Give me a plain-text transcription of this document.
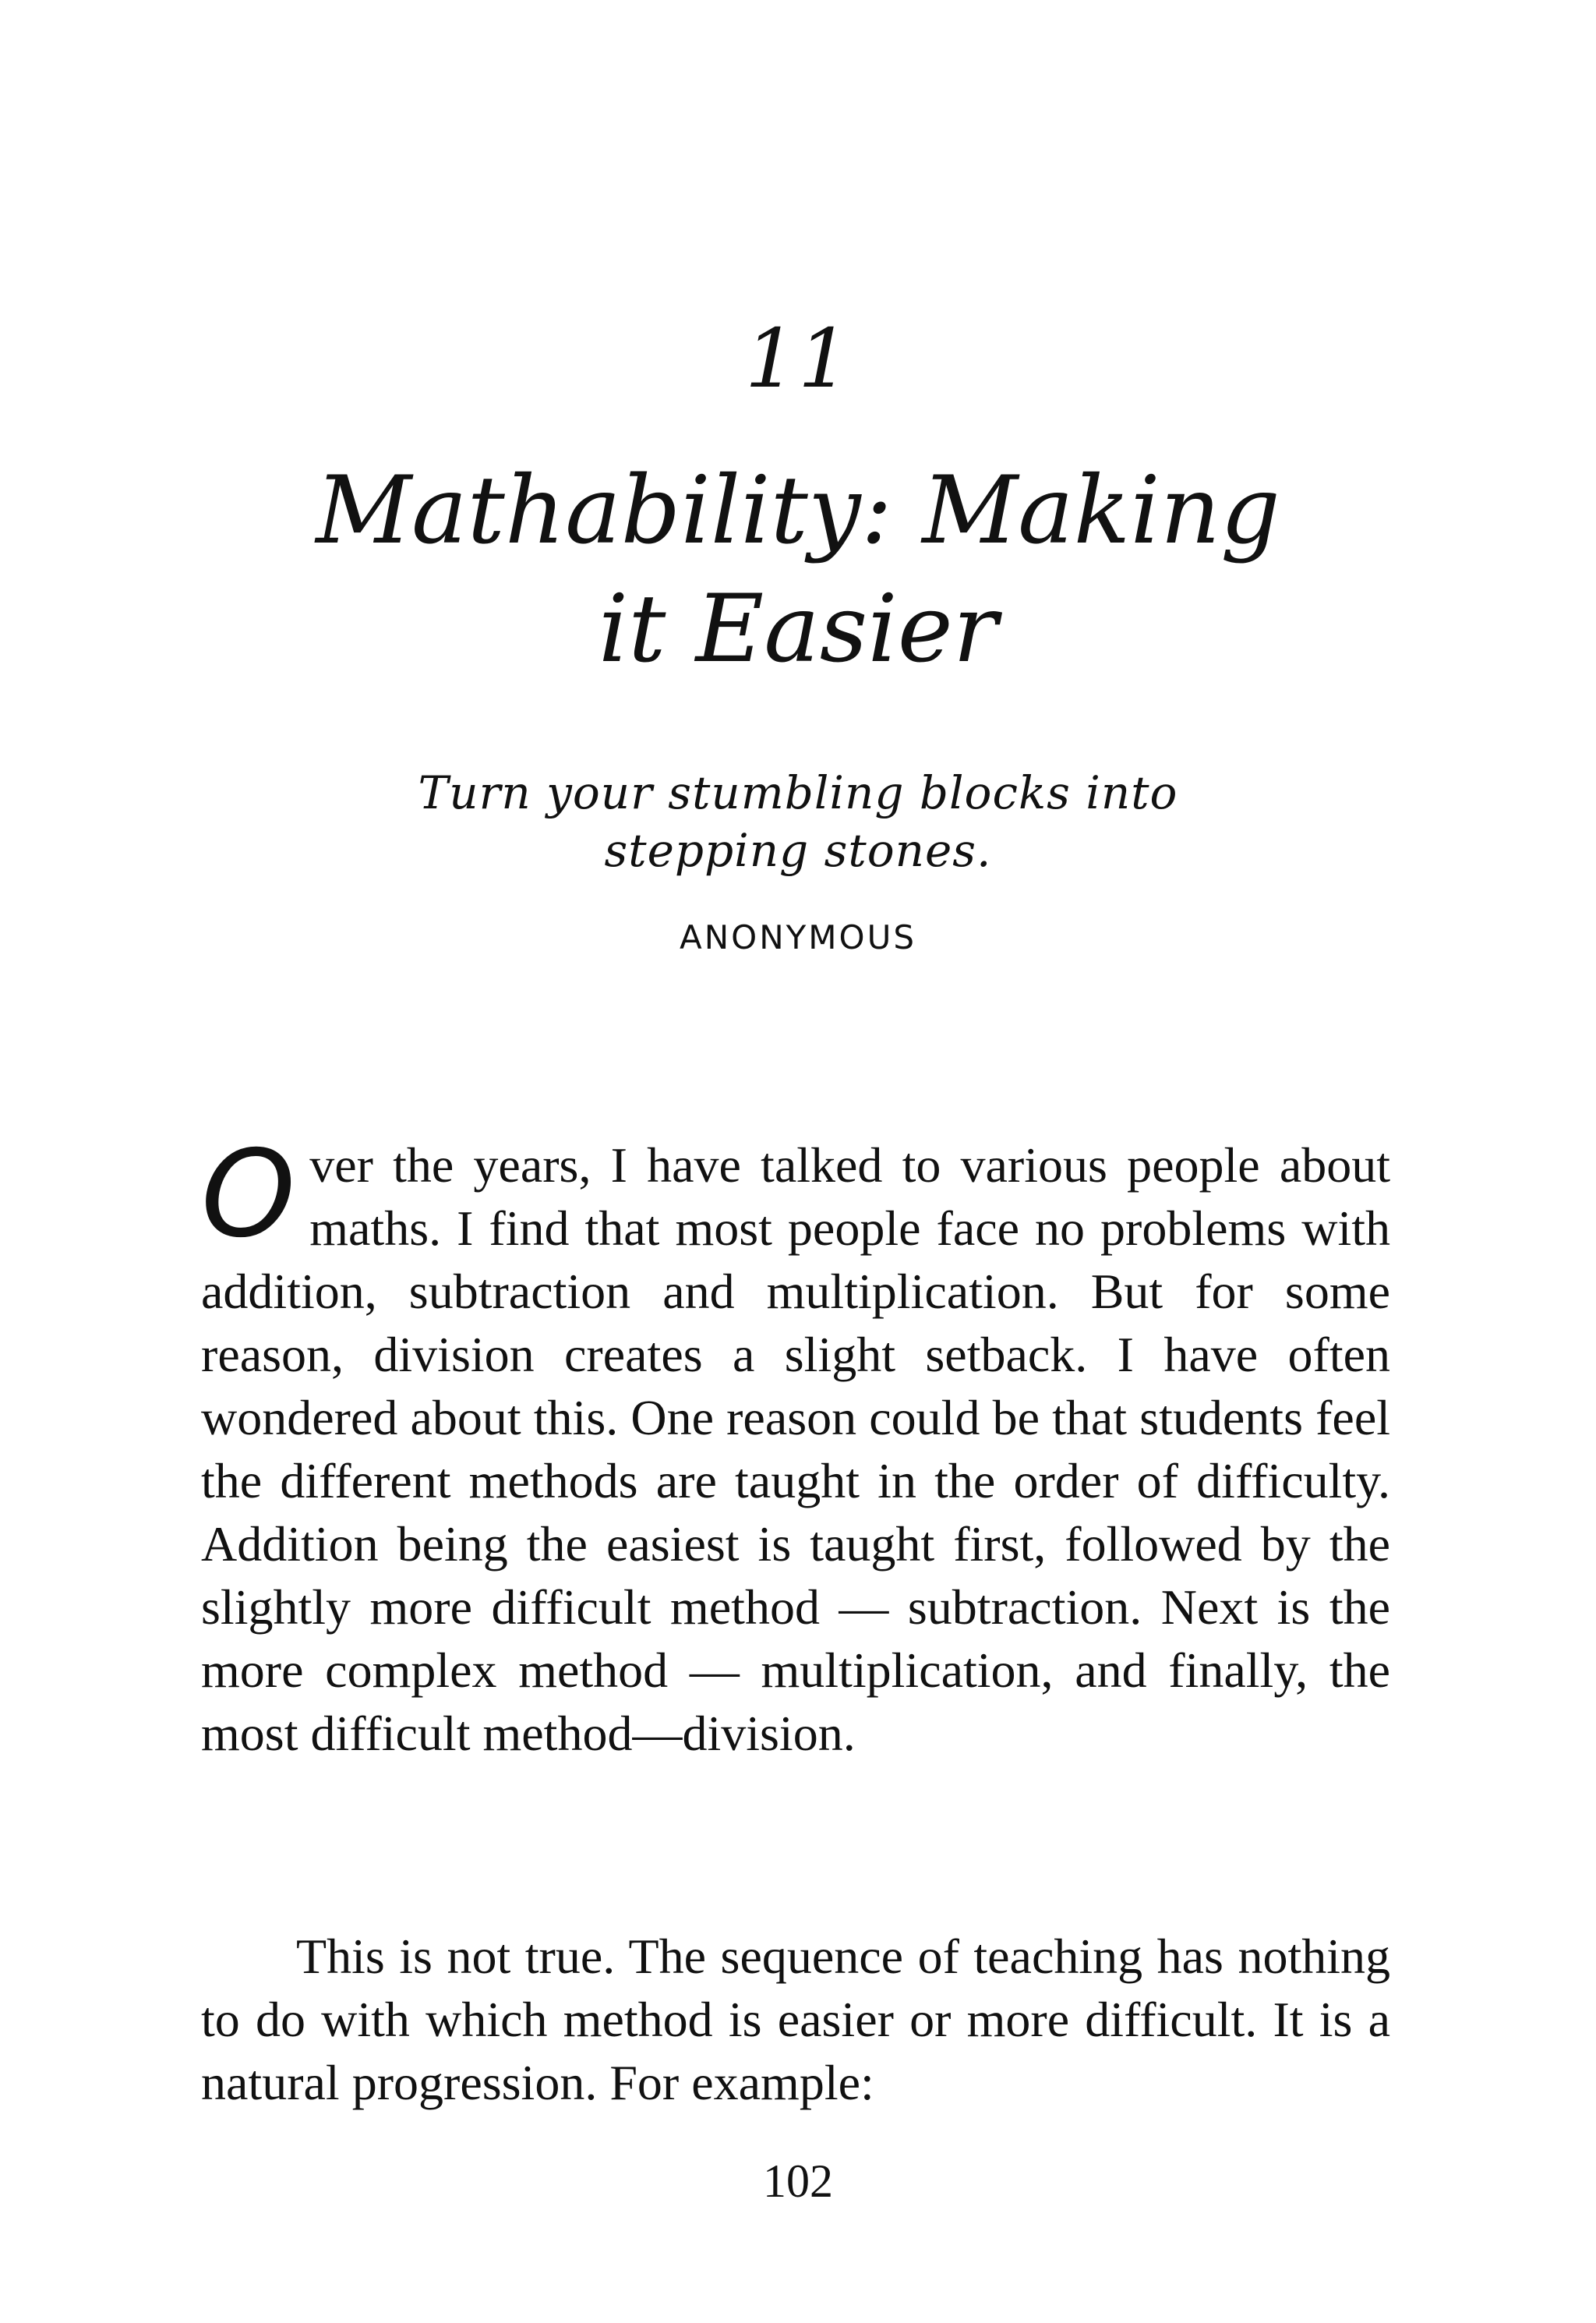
11
Mathability: Making
it Easier
Turn your stumbling blocks into
stepping stones.
ANONYMOUS

O ver the years, I have talked to various people about maths. I find that most people face no problems with addition, subtraction and multiplication. But for some reason, division creates a slight setback. I have often wondered about this. One reason could be that students feel the different methods are taught in the order of difficulty. Addition being the easiest is taught first, followed by the slightly more difficult method — subtraction. Next is the more complex method — multiplication, and finally, the most difficult method—division.

This is not true. The sequence of teaching has nothing to do with which method is easier or more difficult. It is a natural progression. For example:

102
